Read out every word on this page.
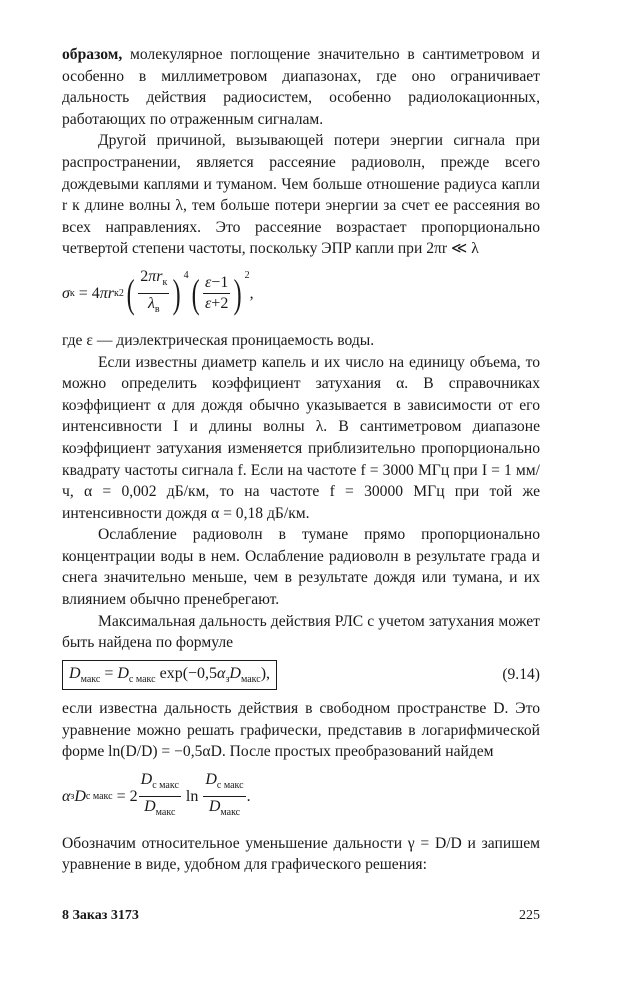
образом, молекулярное поглощение значительно в сантиметровом и особенно в миллиметровом диапазонах, где оно ограничивает дальность действия радиосистем, особенно радиолокационных, работающих по отраженным сигналам.

Другой причиной, вызывающей потери энергии сигнала при распространении, является рассеяние радиоволн, прежде всего дождевыми каплями и туманом. Чем больше отношение радиуса капли r к длине волны λ, тем больше потери энергии за счет ее рассеяния во всех направлениях. Это рассеяние возрастает пропорционально четвертой степени частоты, поскольку ЭПР капли при 2πr ≪ λ

σ к = 4 πr к 2 ( $\frac{2\pi r_к}{\lambda_в}$ ) $^4$ ( $\frac{\varepsilon-1}{\varepsilon+2}$ ) $^2$
,

где ε — диэлектрическая проницаемость воды.

Если известны диаметр капель и их число на единицу объема, то можно определить коэффициент затухания α. В справочниках коэффициент α для дождя обычно указывается в зависимости от его интенсивности I и длины волны λ. В сантиметровом диапазоне коэффициент затухания изменяется приблизительно пропорционально квадрату частоты сигнала f. Если на частоте f = 3000 МГц при I = 1 мм/ч, α = 0,002 дБ/км, то на частоте f = 30000 МГц при той же интенсивности дождя α = 0,18 дБ/км.

Ослабление радиоволн в тумане прямо пропорционально концентрации воды в нем. Ослабление радиоволн в результате града и снега значительно меньше, чем в результате дождя или тумана, и их влиянием обычно пренебрегают.

Максимальная дальность действия РЛС с учетом затухания может быть найдена по формуле

$D_{макс} = D_{с макс}$ $\exp(-0,5\alpha_зD_{макс})$,	(9.14)

если известна дальность действия в свободном пространстве D. Это уравнение можно решать графически, представив в логарифмической форме ln(D/D) = −0,5αD. После простых преобразований найдем

α з D с макс = $2 \frac{D_{с макс}}{D_{макс}}$ $\ln \frac{D_{с макс}}{D_{макс}}$ .

Обозначим относительное уменьшение дальности γ = D/D и запишем уравнение в виде, удобном для графического решения:

8 Заказ 3173	225
